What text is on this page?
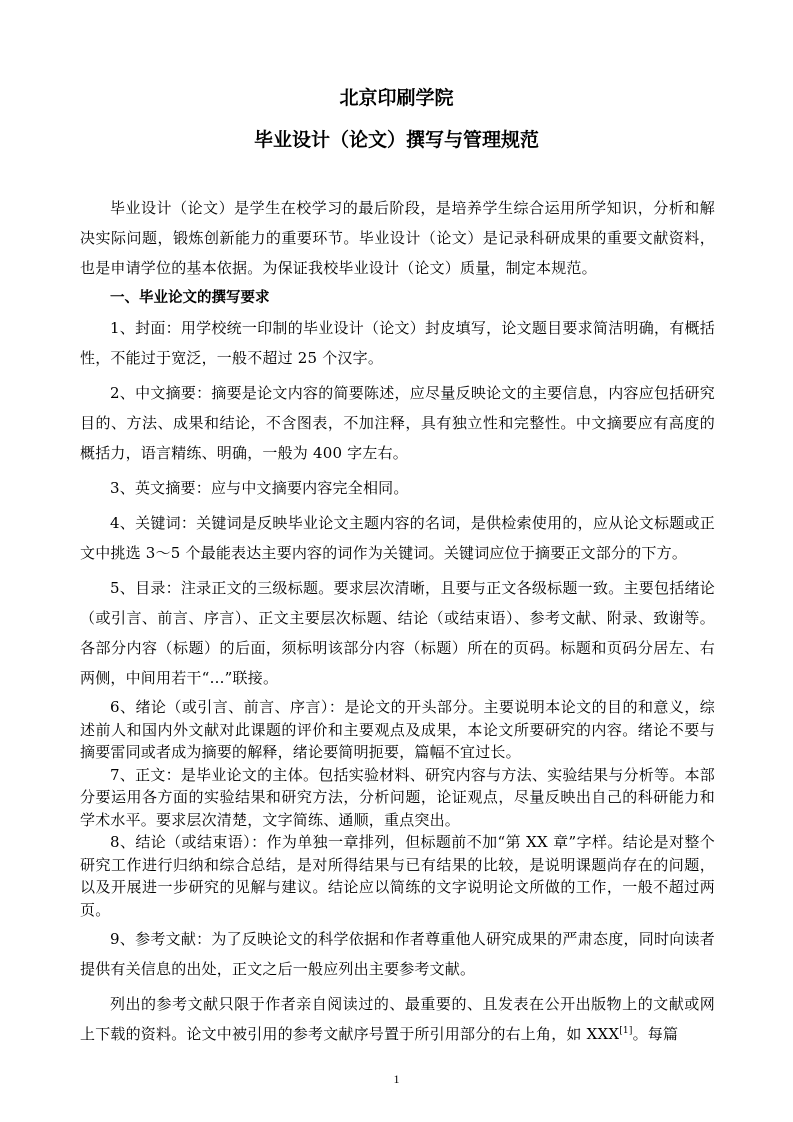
北京印刷学院
毕业设计（论文）撰写与管理规范

毕业设计（论文）是学生在校学习的最后阶段，是培养学生综合运用所学知识，分析和解决实际问题，锻炼创新能力的重要环节。毕业设计（论文）是记录科研成果的重要文献资料，也是申请学位的基本依据。为保证我校毕业设计（论文）质量，制定本规范。

一、毕业论文的撰写要求

1、封面：用学校统一印制的毕业设计（论文）封皮填写，论文题目要求简洁明确，有概括性，不能过于宽泛，一般不超过 25 个汉字。

2、中文摘要：摘要是论文内容的简要陈述，应尽量反映论文的主要信息，内容应包括研究目的、方法、成果和结论，不含图表，不加注释，具有独立性和完整性。中文摘要应有高度的概括力，语言精练、明确，一般为 400 字左右。

3、英文摘要：应与中文摘要内容完全相同。

4、关键词：关键词是反映毕业论文主题内容的名词，是供检索使用的，应从论文标题或正文中挑选 3～5 个最能表达主要内容的词作为关键词。关键词应位于摘要正文部分的下方。

5、目录：注录正文的三级标题。要求层次清晰，且要与正文各级标题一致。主要包括绪论（或引言、前言、序言）、正文主要层次标题、结论（或结束语）、参考文献、附录、致谢等。各部分内容（标题）的后面，须标明该部分内容（标题）所在的页码。标题和页码分居左、右两侧，中间用若干“…”联接。

6、绪论（或引言、前言、序言）：是论文的开头部分。主要说明本论文的目的和意义，综述前人和国内外文献对此课题的评价和主要观点及成果，本论文所要研究的内容。绪论不要与摘要雷同或者成为摘要的解释，绪论要简明扼要，篇幅不宜过长。

7、正文：是毕业论文的主体。包括实验材料、研究内容与方法、实验结果与分析等。本部分要运用各方面的实验结果和研究方法，分析问题，论证观点，尽量反映出自己的科研能力和学术水平。要求层次清楚，文字简练、通顺，重点突出。

8、结论（或结束语）：作为单独一章排列，但标题前不加“第 XX 章”字样。结论是对整个研究工作进行归纳和综合总结，是对所得结果与已有结果的比较，是说明课题尚存在的问题，以及开展进一步研究的见解与建议。结论应以简练的文字说明论文所做的工作，一般不超过两页。

9、参考文献：为了反映论文的科学依据和作者尊重他人研究成果的严肃态度，同时向读者提供有关信息的出处，正文之后一般应列出主要参考文献。

列出的参考文献只限于作者亲自阅读过的、最重要的、且发表在公开出版物上的文献或网上下载的资料。论文中被引用的参考文献序号置于所引用部分的右上角，如 XXX[1]。每篇

1
